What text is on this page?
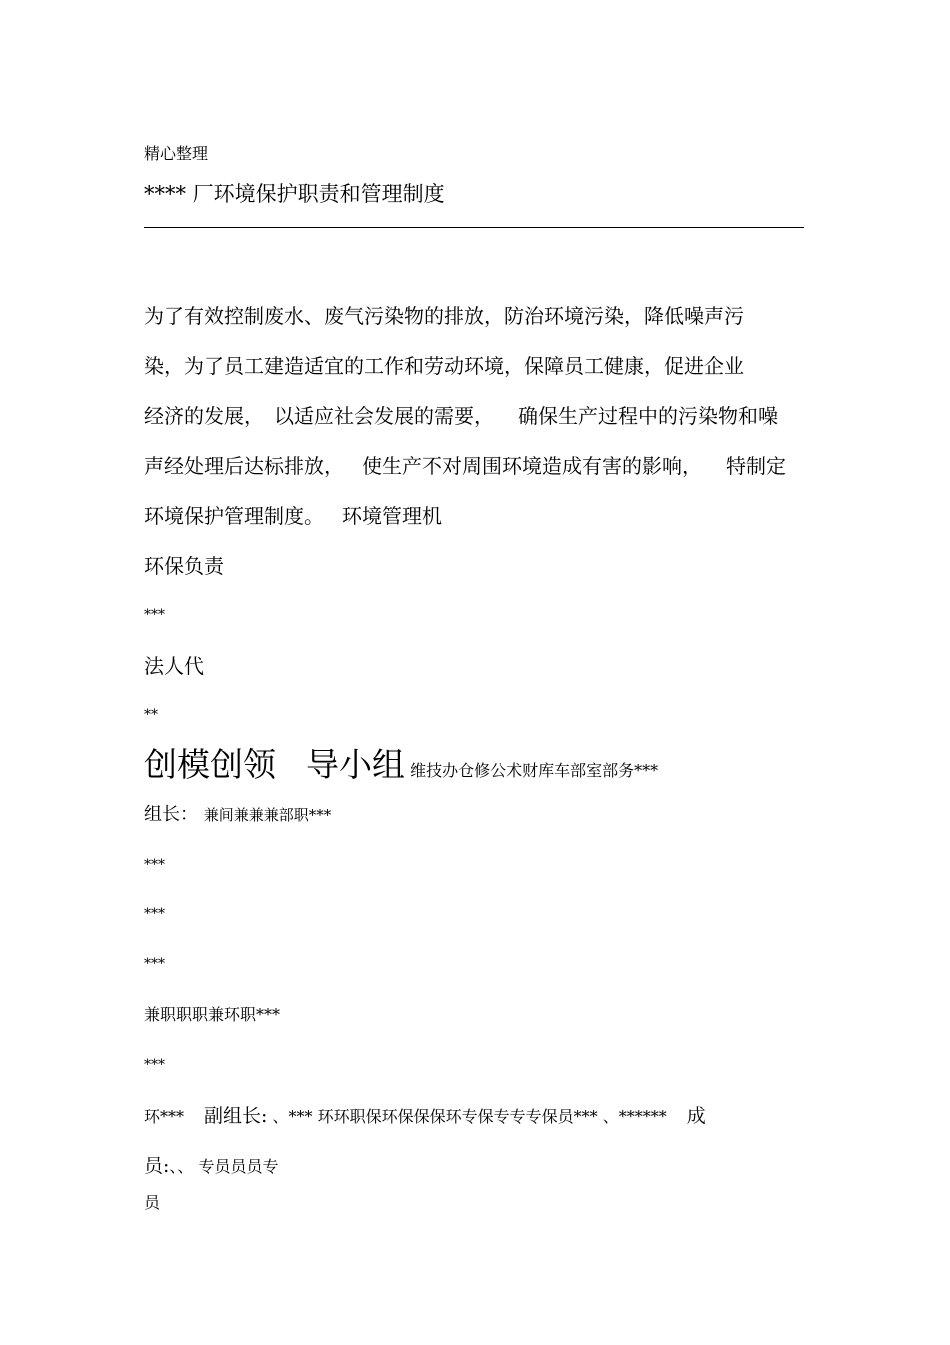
精心整理

**** 厂环境保护职责和管理制度

为了有效控制废水、废气污染物的排放，防治环境污染，降低噪声污

染，为了员工建造适宜的工作和劳动环境，保障员工健康，促进企业

经济的发展， 以适应社会发展的需要， 确保生产过程中的污染物和噪

声经处理后达标排放， 使生产不对周围环境造成有害的影响， 特制定

环境保护管理制度。 环境管理机

环保负责

***

法人代

**

创模创领 导小组 维技办仓修公术财库车部室部务***

组长： 兼间兼兼兼部职***

***

***

***

兼职职职兼环职***

***

环*** 副组长: 、*** 环环职保环保保保环专保专专专保员*** 、****** 成

员:、、 专员员员专

员
